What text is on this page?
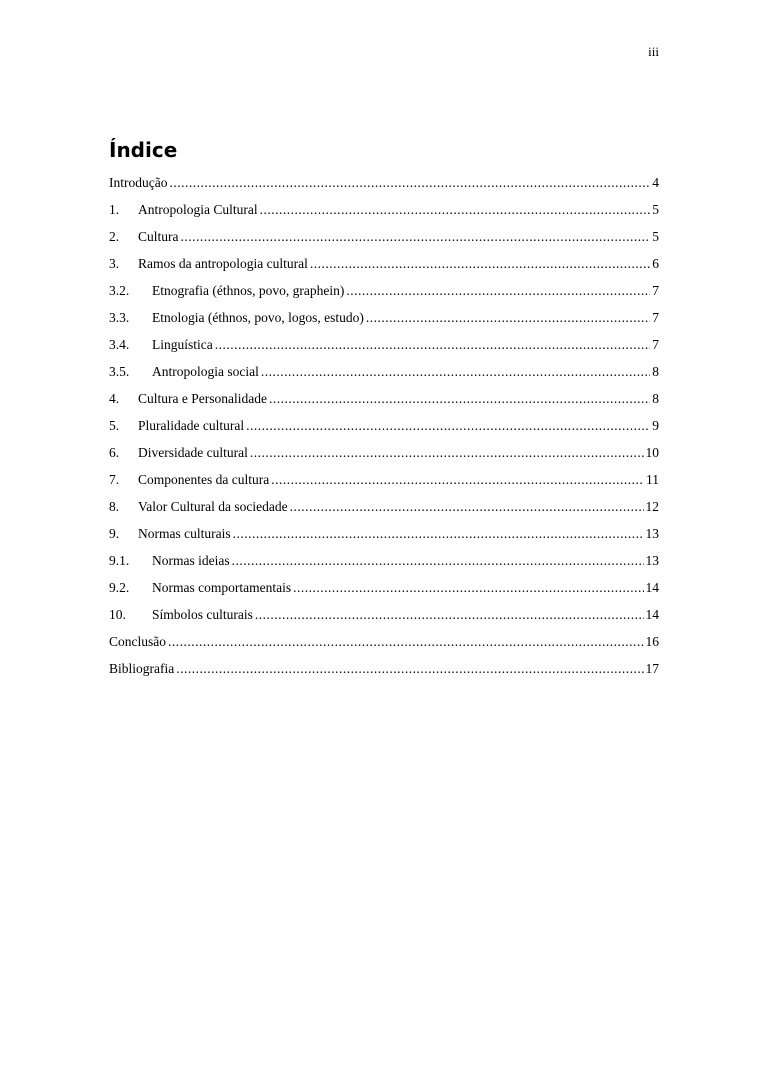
iii
Índice
Introdução .....	4
1.	Antropologia Cultural .....	5
2.	Cultura .....	5
3.	Ramos da antropologia cultural .....	6
3.2.	Etnografia (éthnos, povo, graphein) .....	7
3.3.	Etnologia (éthnos, povo, logos, estudo) .....	7
3.4.	Linguística .....	7
3.5.	Antropologia social .....	8
4.	Cultura e Personalidade .....	8
5.	Pluralidade cultural .....	9
6.	Diversidade cultural .....	10
7.	Componentes da cultura .....	11
8.	Valor Cultural da sociedade .....	12
9.	Normas culturais .....	13
9.1.	Normas ideias .....	13
9.2.	Normas comportamentais .....	14
10.	Símbolos culturais .....	14
Conclusão .....	16
Bibliografia .....	17
